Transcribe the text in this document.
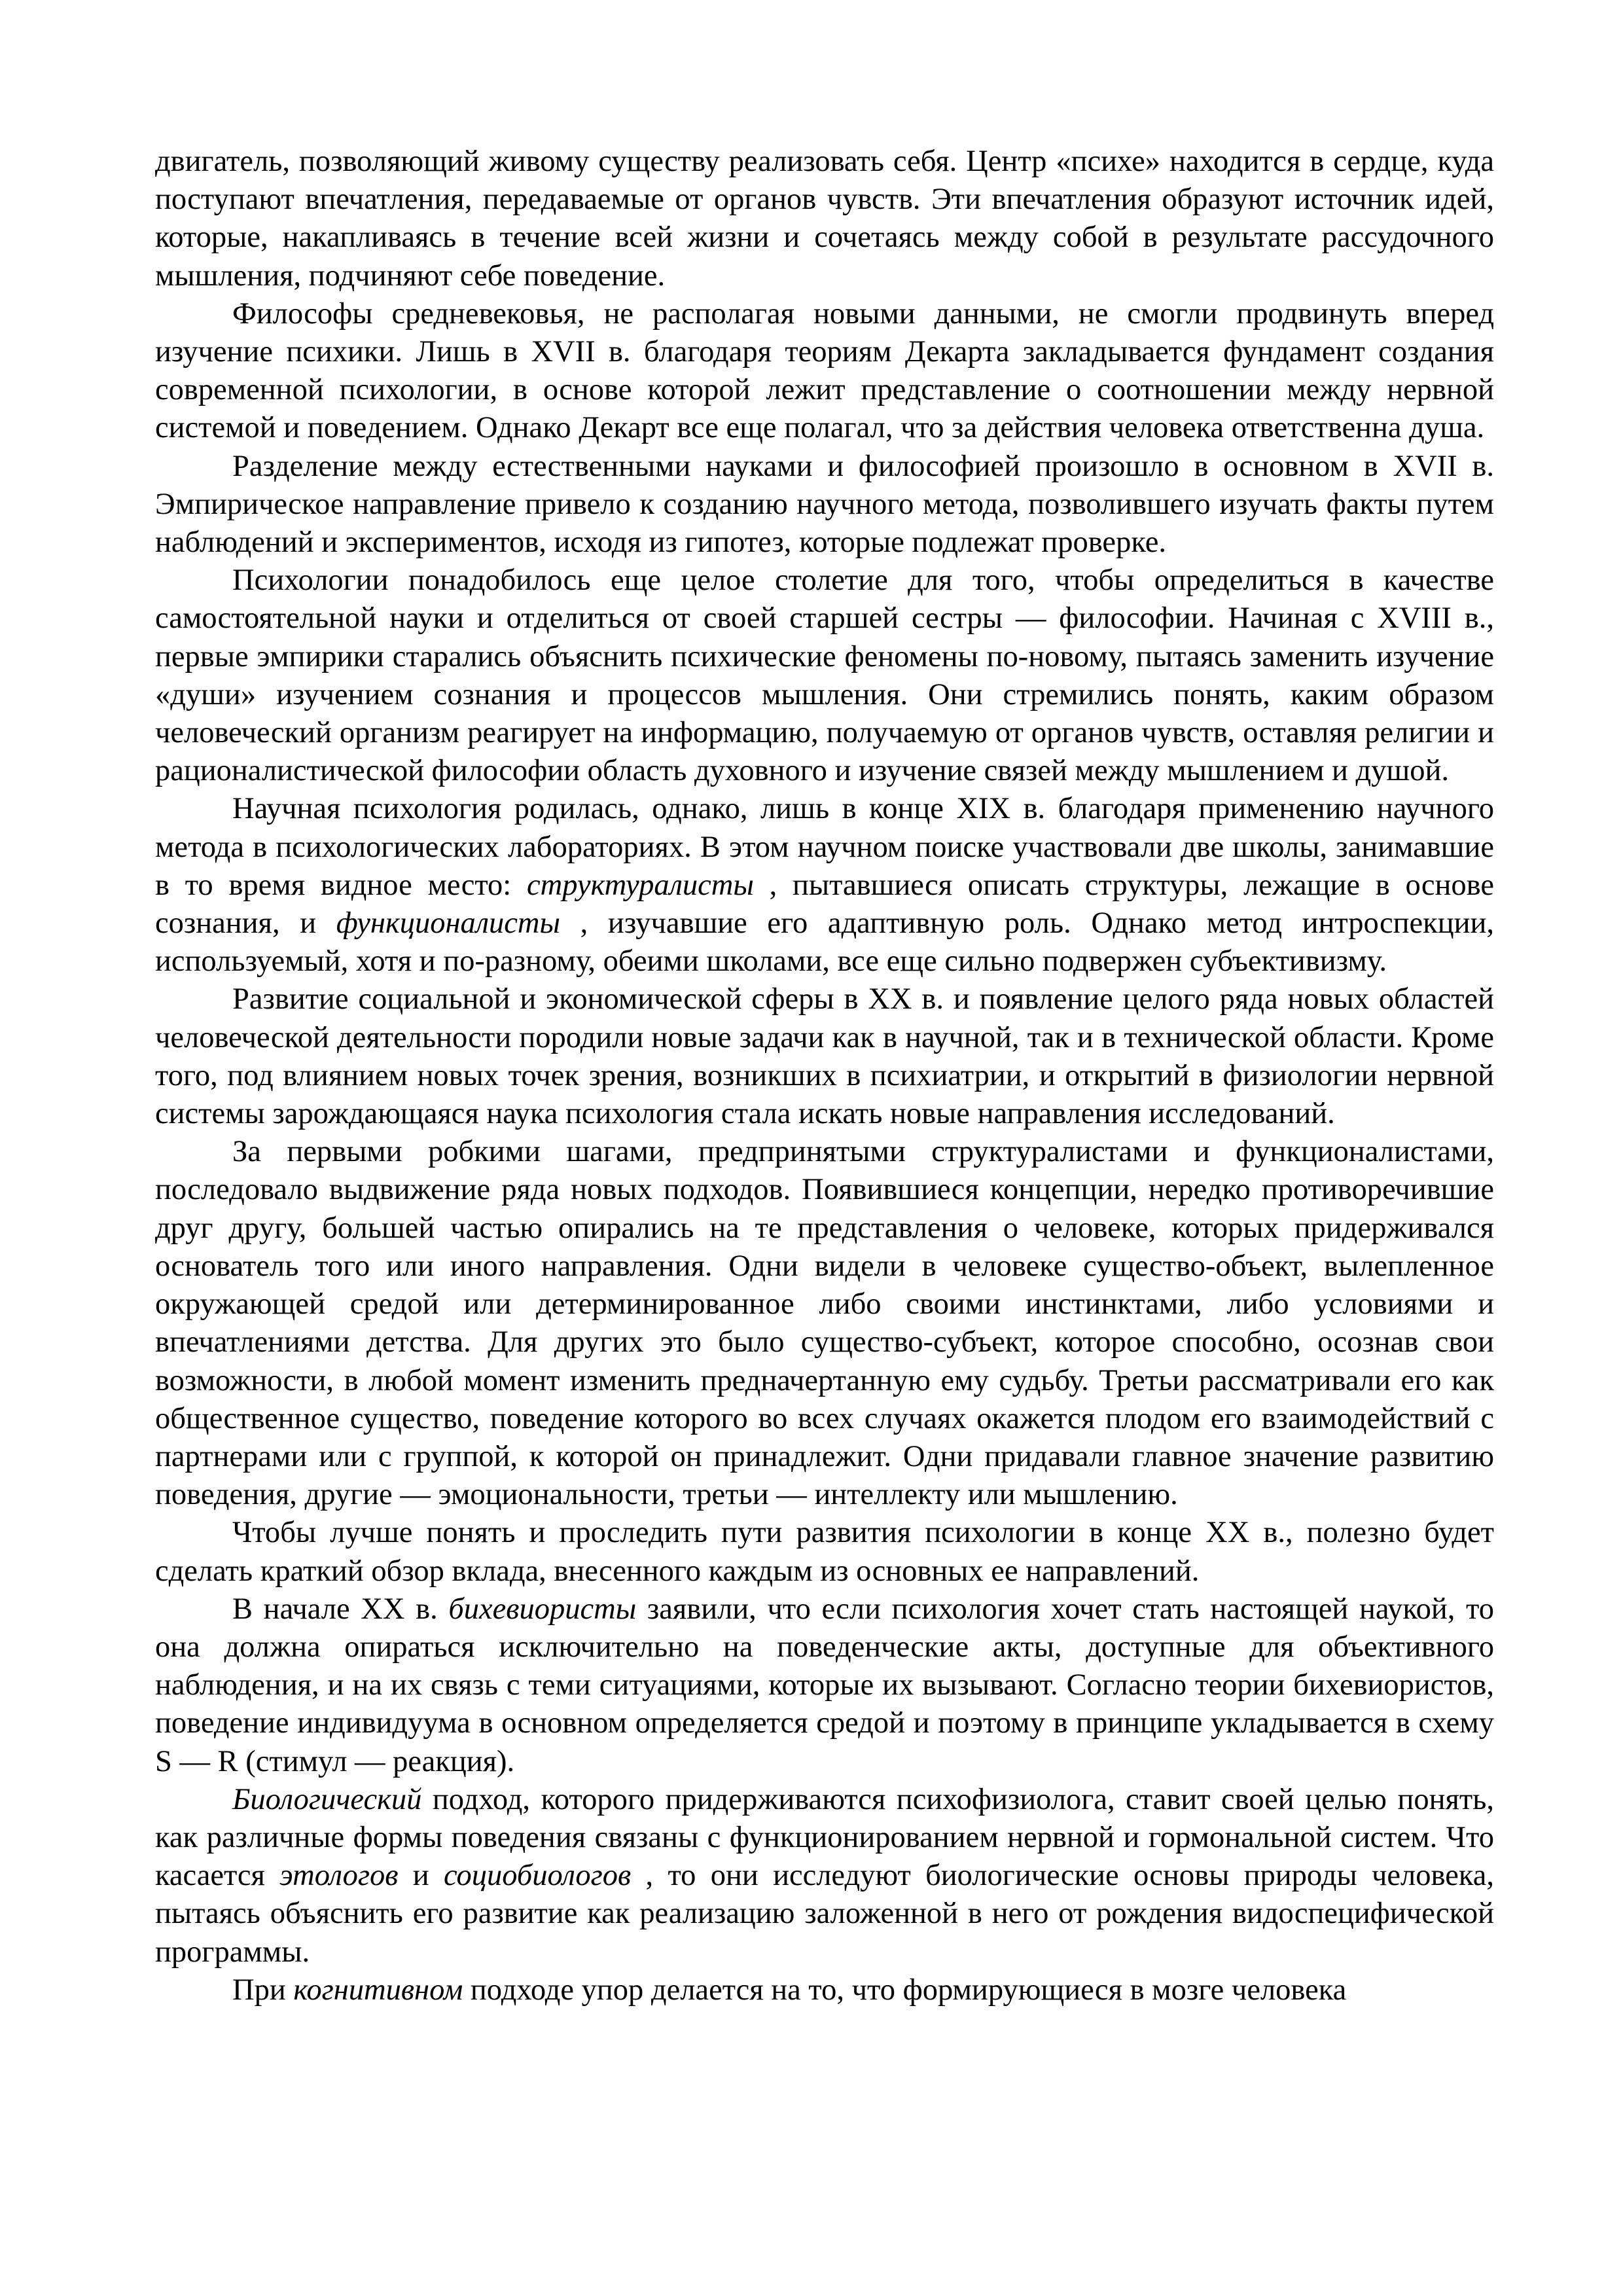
двигатель, позволяющий живому существу реализовать себя. Центр «психе» находится в сердце, куда поступают впечатления, передаваемые от органов чувств. Эти впечатления образуют источник идей, которые, накапливаясь в течение всей жизни и сочетаясь между собой в результате рассудочного мышления, подчиняют себе поведение.

Философы средневековья, не располагая новыми данными, не смогли продвинуть вперед изучение психики. Лишь в XVII в. благодаря теориям Декарта закладывается фундамент создания современной психологии, в основе которой лежит представление о соотношении между нервной системой и поведением. Однако Декарт все еще полагал, что за действия человека ответственна душа.

Разделение между естественными науками и философией произошло в основном в XVII в. Эмпирическое направление привело к созданию научного метода, позволившего изучать факты путем наблюдений и экспериментов, исходя из гипотез, которые подлежат проверке.

Психологии понадобилось еще целое столетие для того, чтобы определиться в качестве самостоятельной науки и отделиться от своей старшей сестры — философии. Начиная с XVIII в., первые эмпирики старались объяснить психические феномены по-новому, пытаясь заменить изучение «души» изучением сознания и процессов мышления. Они стремились понять, каким образом человеческий организм реагирует на информацию, получаемую от органов чувств, оставляя религии и рационалистической философии область духовного и изучение связей между мышлением и душой.

Научная психология родилась, однако, лишь в конце XIX в. благодаря применению научного метода в психологических лабораториях. В этом научном поиске участвовали две школы, занимавшие в то время видное место: структуралисты , пытавшиеся описать структуры, лежащие в основе сознания, и функционалисты , изучавшие его адаптивную роль. Однако метод интроспекции, используемый, хотя и по-разному, обеими школами, все еще сильно подвержен субъективизму.

Развитие социальной и экономической сферы в XX в. и появление целого ряда новых областей человеческой деятельности породили новые задачи как в научной, так и в технической области. Кроме того, под влиянием новых точек зрения, возникших в психиатрии, и открытий в физиологии нервной системы зарождающаяся наука психология стала искать новые направления исследований.

За первыми робкими шагами, предпринятыми структуралистами и функционалистами, последовало выдвижение ряда новых подходов. Появившиеся концепции, нередко противоречившие друг другу, большей частью опирались на те представления о человеке, которых придерживался основатель того или иного направления. Одни видели в человеке существо-объект, вылепленное окружающей средой или детерминированное либо своими инстинктами, либо условиями и впечатлениями детства. Для других это было существо-субъект, которое способно, осознав свои возможности, в любой момент изменить предначертанную ему судьбу. Третьи рассматривали его как общественное существо, поведение которого во всех случаях окажется плодом его взаимодействий с партнерами или с группой, к которой он принадлежит. Одни придавали главное значение развитию поведения, другие — эмоциональности, третьи — интеллекту или мышлению.

Чтобы лучше понять и проследить пути развития психологии в конце XX в., полезно будет сделать краткий обзор вклада, внесенного каждым из основных ее направлений.

В начале XX в. бихевиористы заявили, что если психология хочет стать настоящей наукой, то она должна опираться исключительно на поведенческие акты, доступные для объективного наблюдения, и на их связь с теми ситуациями, которые их вызывают. Согласно теории бихевиористов, поведение индивидуума в основном определяется средой и поэтому в принципе укладывается в схему S — R (стимул — реакция).

Биологический подход, которого придерживаются психофизиолога, ставит своей целью понять, как различные формы поведения связаны с функционированием нервной и гормональной систем. Что касается этологов и социобиологов , то они исследуют биологические основы природы человека, пытаясь объяснить его развитие как реализацию заложенной в него от рождения видоспецифической программы.

При когнитивном подходе упор делается на то, что формирующиеся в мозге человека
